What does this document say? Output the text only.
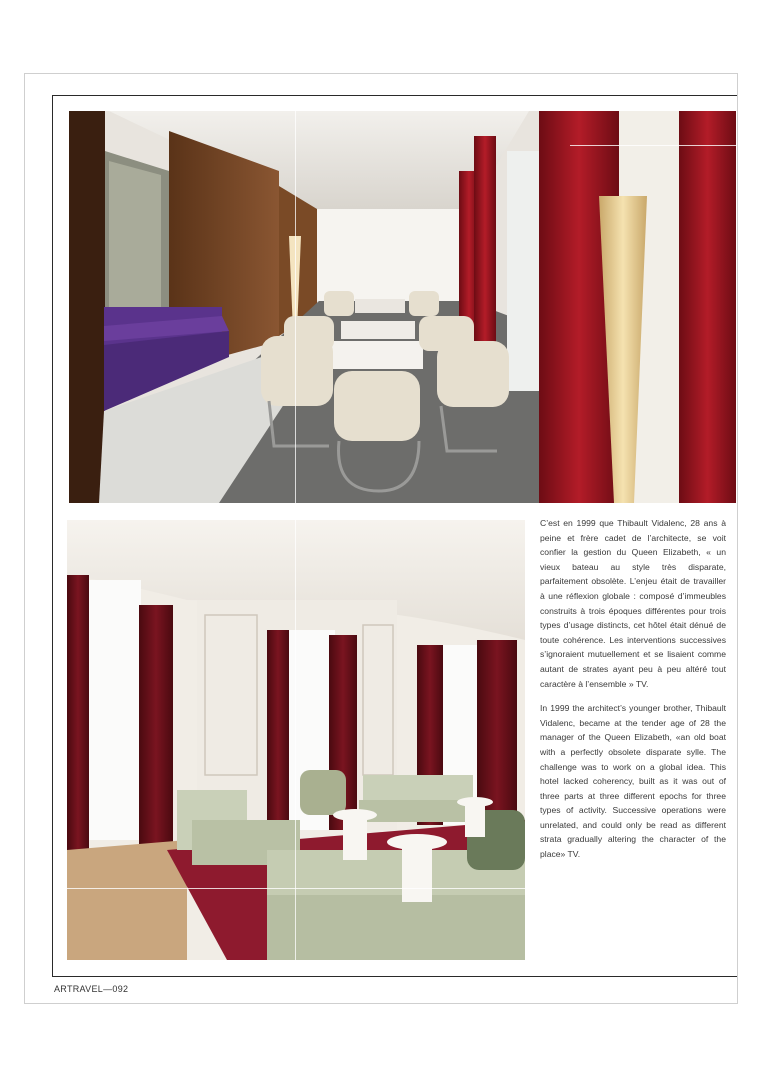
C’est en 1999 que Thibault Vidalenc, 28 ans à peine et frère cadet de l’architecte, se voit confier la gestion du Queen Elizabeth, « un vieux bateau au style très disparate, parfaitement obsolète. L’enjeu était de travailler à une réflexion globale : composé d’immeubles construits à trois époques différentes pour trois types d’usage distincts, cet hôtel était dénué de toute cohérence. Les interventions successives s’ignoraient mutuellement et se lisaient comme autant de strates ayant peu à peu altéré tout caractère à l’ensemble » TV.

In 1999 the architect’s younger brother, Thibault Vidalenc, became at the tender age of 28 the manager of the Queen Elizabeth, «an old boat with a perfectly obsolete disparate sylle. The challenge was to work on a global idea. This hotel lacked coherency, built as it was out of three parts at three different epochs for three types of activity. Successive operations were unrelated, and could only be read as different strata gradually altering the character of the place» TV.

ARTRAVEL—092
